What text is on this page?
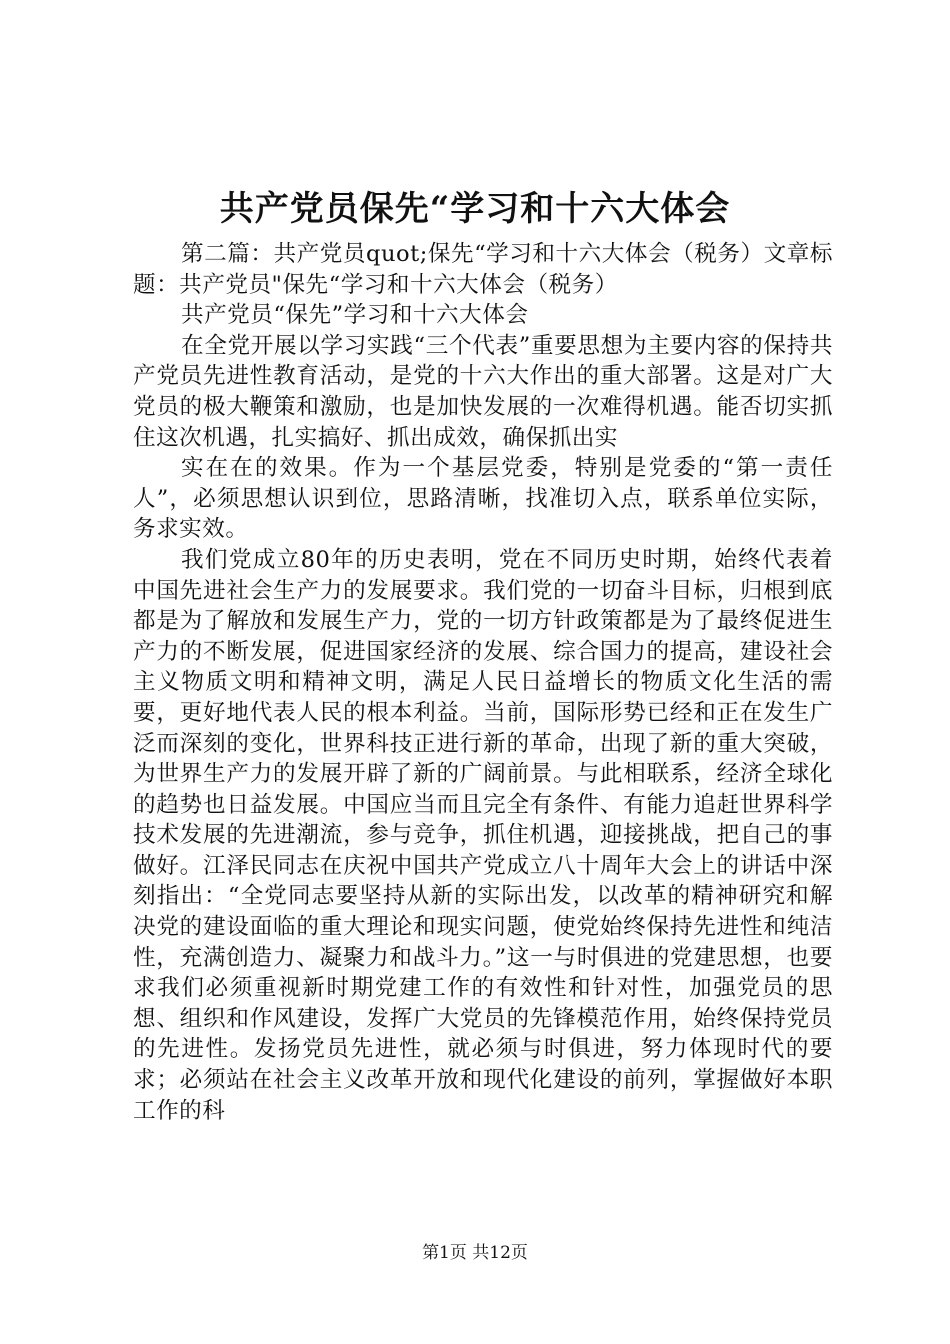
共产党员保先“学习和十六大体会

第二篇：共产党员quot;保先“学习和十六大体会（税务）文章标题：共产党员"保先“学习和十六大体会（税务）

共产党员“保先”学习和十六大体会

在全党开展以学习实践“三个代表”重要思想为主要内容的保持共产党员先进性教育活动，是党的十六大作出的重大部署。这是对广大党员的极大鞭策和激励，也是加快发展的一次难得机遇。能否切实抓住这次机遇，扎实搞好、抓出成效，确保抓出实

实在在的效果。作为一个基层党委，特别是党委的“第一责任人”，必须思想认识到位，思路清晰，找准切入点，联系单位实际，务求实效。

我们党成立80年的历史表明，党在不同历史时期，始终代表着中国先进社会生产力的发展要求。我们党的一切奋斗目标，归根到底都是为了解放和发展生产力，党的一切方针政策都是为了最终促进生产力的不断发展，促进国家经济的发展、综合国力的提高，建设社会主义物质文明和精神文明，满足人民日益增长的物质文化生活的需要，更好地代表人民的根本利益。当前，国际形势已经和正在发生广泛而深刻的变化，世界科技正进行新的革命，出现了新的重大突破，为世界生产力的发展开辟了新的广阔前景。与此相联系，经济全球化的趋势也日益发展。中国应当而且完全有条件、有能力追赶世界科学技术发展的先进潮流，参与竞争，抓住机遇，迎接挑战，把自己的事做好。江泽民同志在庆祝中国共产党成立八十周年大会上的讲话中深刻指出：“全党同志要坚持从新的实际出发，以改革的精神研究和解决党的建设面临的重大理论和现实问题，使党始终保持先进性和纯洁性，充满创造力、凝聚力和战斗力。”这一与时俱进的党建思想，也要求我们必须重视新时期党建工作的有效性和针对性，加强党员的思想、组织和作风建设，发挥广大党员的先锋模范作用，始终保持党员的先进性。发扬党员先进性，就必须与时俱进，努力体现时代的要求；必须站在社会主义改革开放和现代化建设的前列，掌握做好本职工作的科

第1页 共12页
